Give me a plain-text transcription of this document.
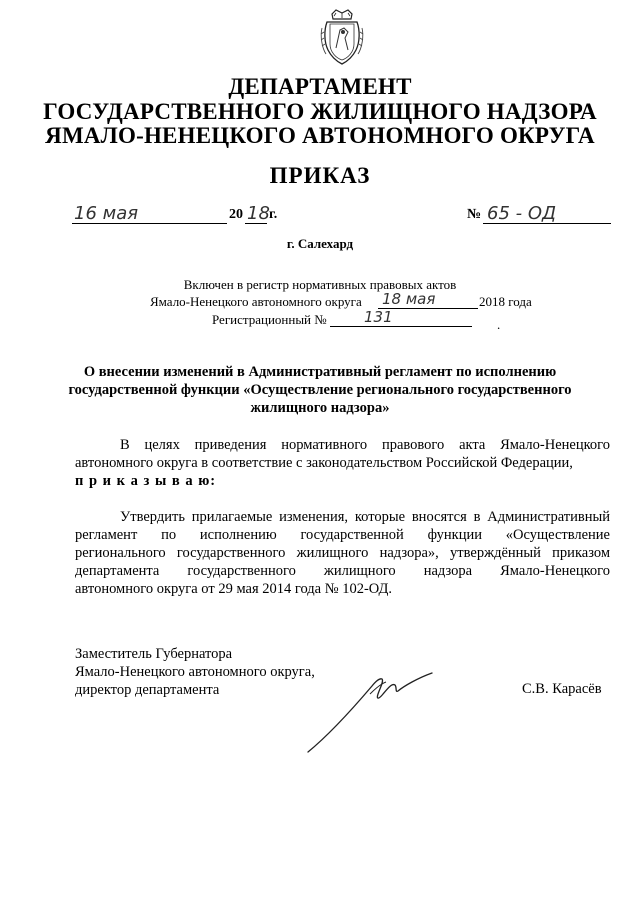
ДЕПАРТАМЕНТ
ГОСУДАРСТВЕННОГО ЖИЛИЩНОГО НАДЗОРА
ЯМАЛО-НЕНЕЦКОГО АВТОНОМНОГО ОКРУГА
ПРИКАЗ
16 мая	20 18 г.	№ 65 - ОД
г. Салехард
Включен в регистр нормативных правовых актов
Ямало-Ненецкого автономного округа 18 мая	2018 года
Регистрационный № 131	.
О внесении изменений в Административный регламент по исполнению
государственной функции «Осуществление регионального государственного
жилищного надзора»
В целях приведения нормативного правового акта Ямало-Ненецкого
автономного округа в соответствие с законодательством Российской Федерации,
п р и к а з ы в а ю:
Утвердить прилагаемые изменения, которые вносятся в Административный
регламент по исполнению государственной функции «Осуществление
регионального государственного жилищного надзора», утверждённый приказом
департамента государственного жилищного надзора Ямало-Ненецкого
автономного округа от 29 мая 2014 года № 102-ОД.
Заместитель Губернатора
Ямало-Ненецкого автономного округа,
директор департамента	С.В. Карасёв
